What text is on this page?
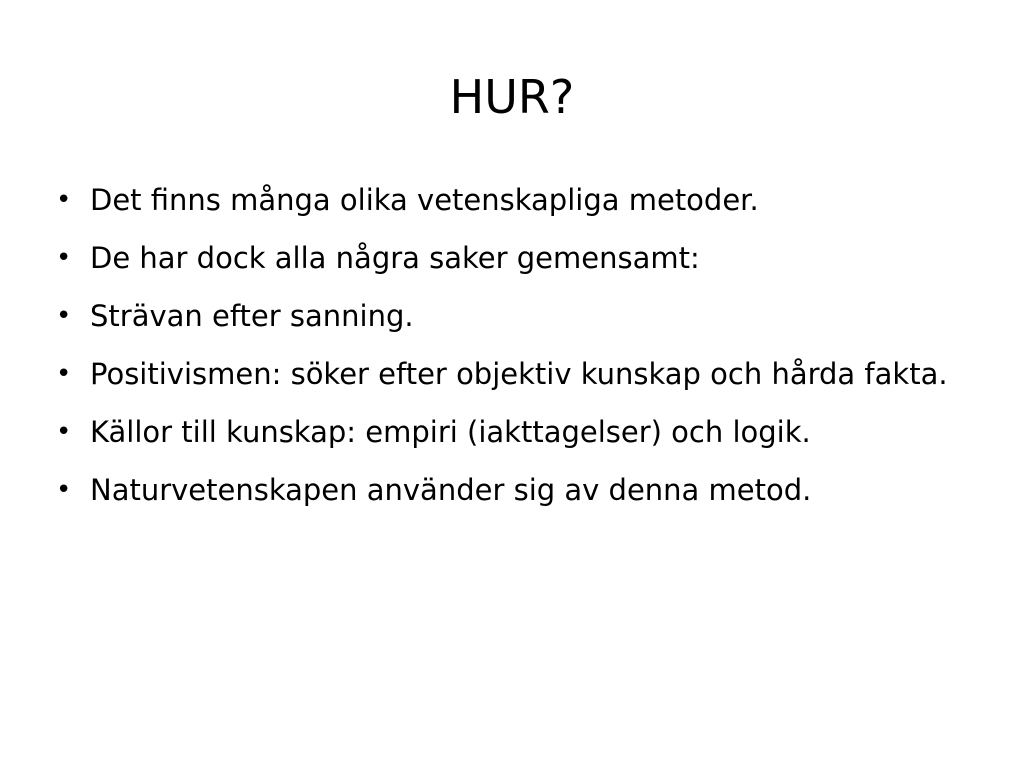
HUR?
• Det finns många olika vetenskapliga metoder.
• De har dock alla några saker gemensamt:
• Strävan efter sanning.
• Positivismen: söker efter objektiv kunskap och hårda fakta.
• Källor till kunskap: empiri (iakttagelser) och logik.
• Naturvetenskapen använder sig av denna metod.
